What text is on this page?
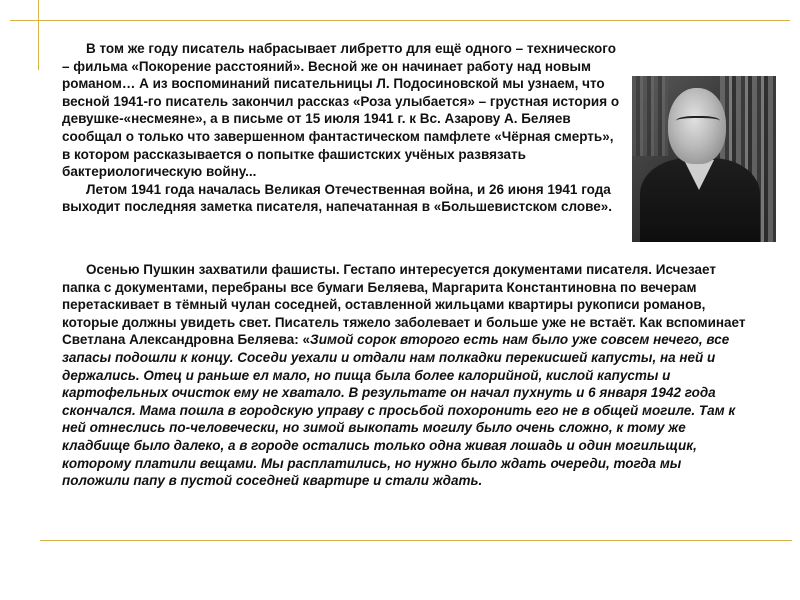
В том же году писатель набрасывает либретто для ещё одного – технического – фильма «Покорение расстояний». Весной же он начинает работу над новым романом… А из воспоминаний писательницы Л. Подосиновской мы узнаем, что весной 1941-го писатель закончил рассказ «Роза улыбается» – грустная история о девушке-«несмеяне», а в письме от 15 июля 1941 г. к Вс. Азарову А. Беляев сообщал о только что завершенном фантастическом памфлете «Чёрная смерть», в котором рассказывается о попытке фашистских учёных развязать бактериологическую войну...

Летом 1941 года началась Великая Отечественная война, и 26 июня 1941 года выходит последняя заметка писателя, напечатанная в «Большевистском слове».

Осенью Пушкин захватили фашисты. Гестапо интересуется документами писателя. Исчезает папка с документами, перебраны все бумаги Беляева, Маргарита Константиновна по вечерам перетаскивает в тёмный чулан соседней, оставленной жильцами квартиры рукописи романов, которые должны увидеть свет. Писатель тяжело заболевает и больше уже не встаёт. Как вспоминает Светлана Александровна Беляева: «Зимой сорок второго есть нам было уже совсем нечего, все запасы подошли к концу. Соседи уехали и отдали нам полкадки перекисшей капусты, на ней и держались. Отец и раньше ел мало, но пища была более калорийной, кислой капусты и картофельных очисток ему не хватало. В результате он начал пухнуть и 6 января 1942 года скончался. Мама пошла в городскую управу с просьбой похоронить его не в общей могиле. Там к ней отнеслись по-человечески, но зимой выкопать могилу было очень сложно, к тому же кладбище было далеко, а в городе остались только одна живая лошадь и один могильщик, которому платили вещами. Мы расплатились, но нужно было ждать очереди, тогда мы положили папу в пустой соседней квартире и стали ждать.
